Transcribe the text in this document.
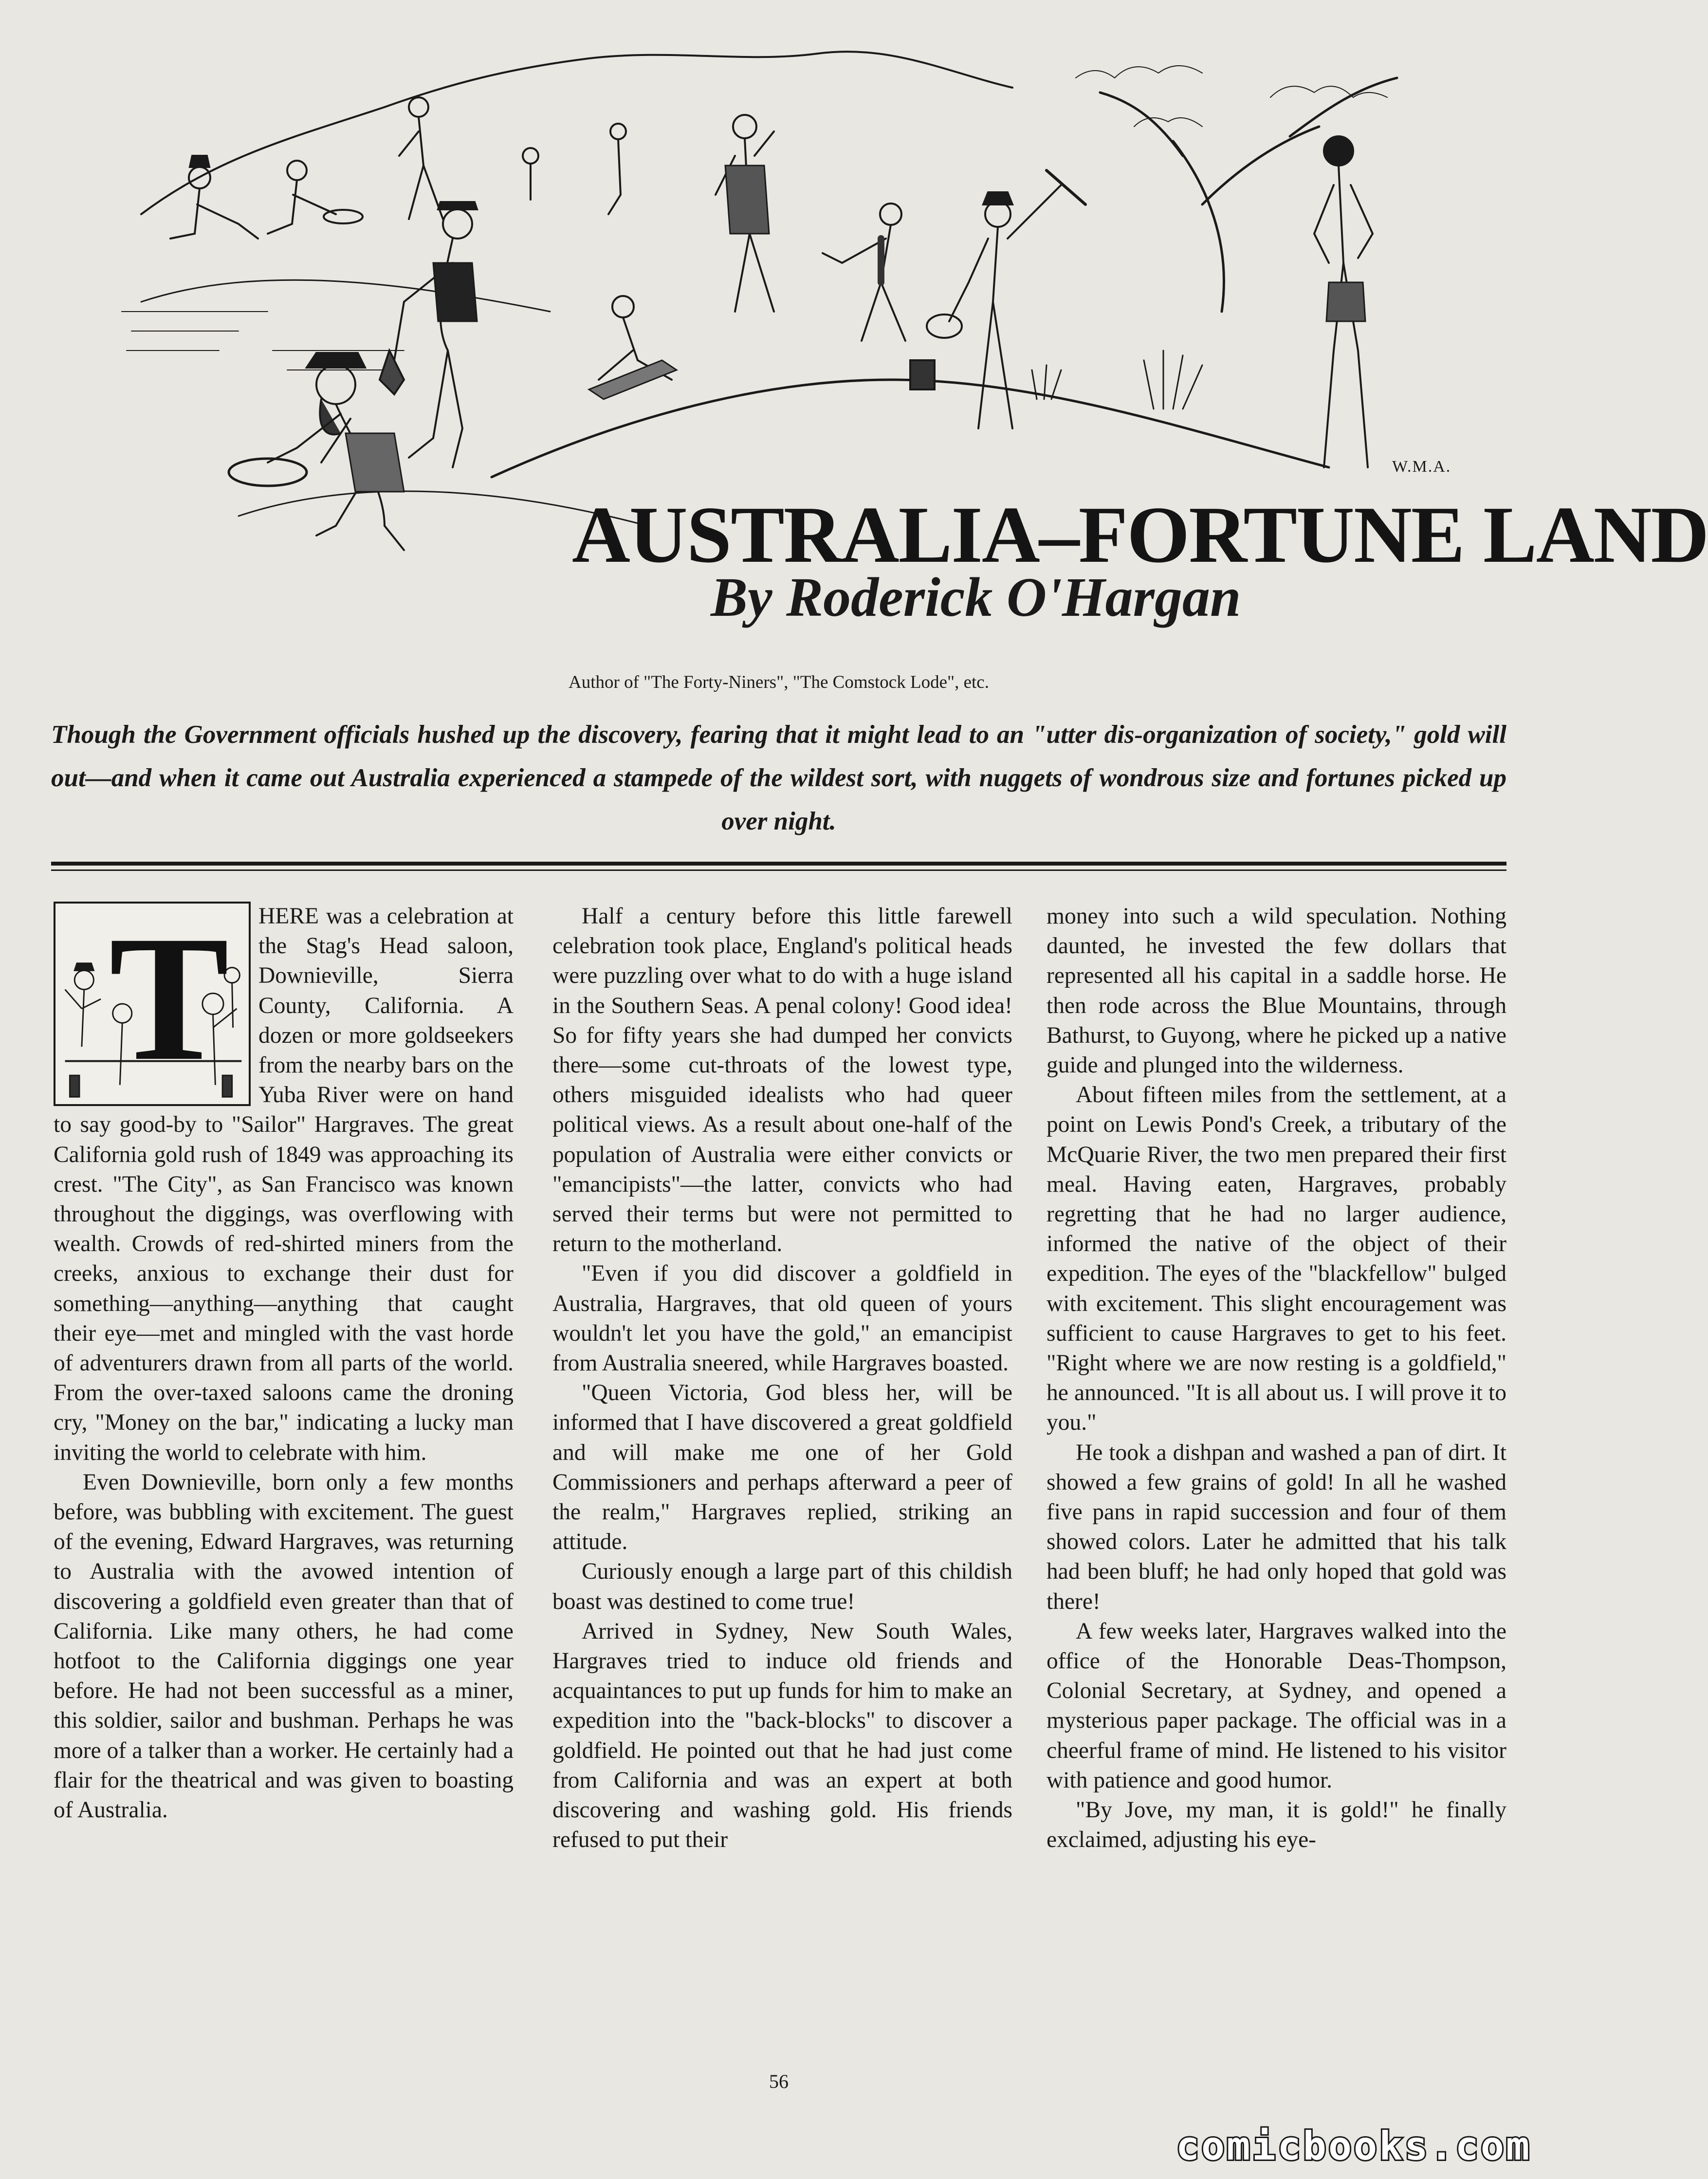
W.M.A.
AUSTRALIA–FORTUNE LAND
By Roderick O'Hargan
Author of "The Forty-Niners", "The Comstock Lode", etc.
Though the Government officials hushed up the discovery, fearing that it might lead to an "utter dis-organization of society," gold will out—and when it came out Australia experienced a stampede of the wildest sort, with nuggets of wondrous size and fortunes picked up over night.
T	HERE was a celebration at the Stag's Head saloon, Downieville, Sierra County, California. A dozen or more goldseekers from the nearby bars on the Yuba River were on hand to say good-by to "Sailor" Hargraves. The great California gold rush of 1849 was approaching its crest. "The City", as San Francisco was known throughout the diggings, was overflowing with wealth. Crowds of red-shirted miners from the creeks, anxious to exchange their dust for something—anything—anything that caught their eye—met and mingled with the vast horde of adventurers drawn from all parts of the world. From the over-taxed saloons came the droning cry, "Money on the bar," indicating a lucky man inviting the world to celebrate with him.

Even Downieville, born only a few months before, was bubbling with excitement. The guest of the evening, Edward Hargraves, was returning to Australia with the avowed intention of discovering a goldfield even greater than that of California. Like many others, he had come hotfoot to the California diggings one year before. He had not been successful as a miner, this soldier, sailor and bushman. Perhaps he was more of a talker than a worker. He certainly had a flair for the theatrical and was given to boasting of Australia.

Half a century before this little farewell celebration took place, England's political heads were puzzling over what to do with a huge island in the Southern Seas. A penal colony! Good idea! So for fifty years she had dumped her convicts there—some cut-throats of the lowest type, others misguided idealists who had queer political views. As a result about one-half of the population of Australia were either convicts or "emancipists"—the latter, convicts who had served their terms but were not permitted to return to the motherland.

"Even if you did discover a goldfield in Australia, Hargraves, that old queen of yours wouldn't let you have the gold," an emancipist from Australia sneered, while Hargraves boasted.

"Queen Victoria, God bless her, will be informed that I have discovered a great goldfield and will make me one of her Gold Commissioners and perhaps afterward a peer of the realm," Hargraves replied, striking an attitude.

Curiously enough a large part of this childish boast was destined to come true!

Arrived in Sydney, New South Wales, Hargraves tried to induce old friends and acquaintances to put up funds for him to make an expedition into the "back-blocks" to discover a goldfield. He pointed out that he had just come from California and was an expert at both discovering and washing gold. His friends refused to put their

money into such a wild speculation. Nothing daunted, he invested the few dollars that represented all his capital in a saddle horse. He then rode across the Blue Mountains, through Bathurst, to Guyong, where he picked up a native guide and plunged into the wilderness.

About fifteen miles from the settlement, at a point on Lewis Pond's Creek, a tributary of the McQuarie River, the two men prepared their first meal. Having eaten, Hargraves, probably regretting that he had no larger audience, informed the native of the object of their expedition. The eyes of the "blackfellow" bulged with excitement. This slight encouragement was sufficient to cause Hargraves to get to his feet. "Right where we are now resting is a goldfield," he announced. "It is all about us. I will prove it to you."

He took a dishpan and washed a pan of dirt. It showed a few grains of gold! In all he washed five pans in rapid succession and four of them showed colors. Later he admitted that his talk had been bluff; he had only hoped that gold was there!

A few weeks later, Hargraves walked into the office of the Honorable Deas-Thompson, Colonial Secretary, at Sydney, and opened a mysterious paper package. The official was in a cheerful frame of mind. He listened to his visitor with patience and good humor.

"By Jove, my man, it is gold!" he finally exclaimed, adjusting his eye-

56
comicbooks.com
